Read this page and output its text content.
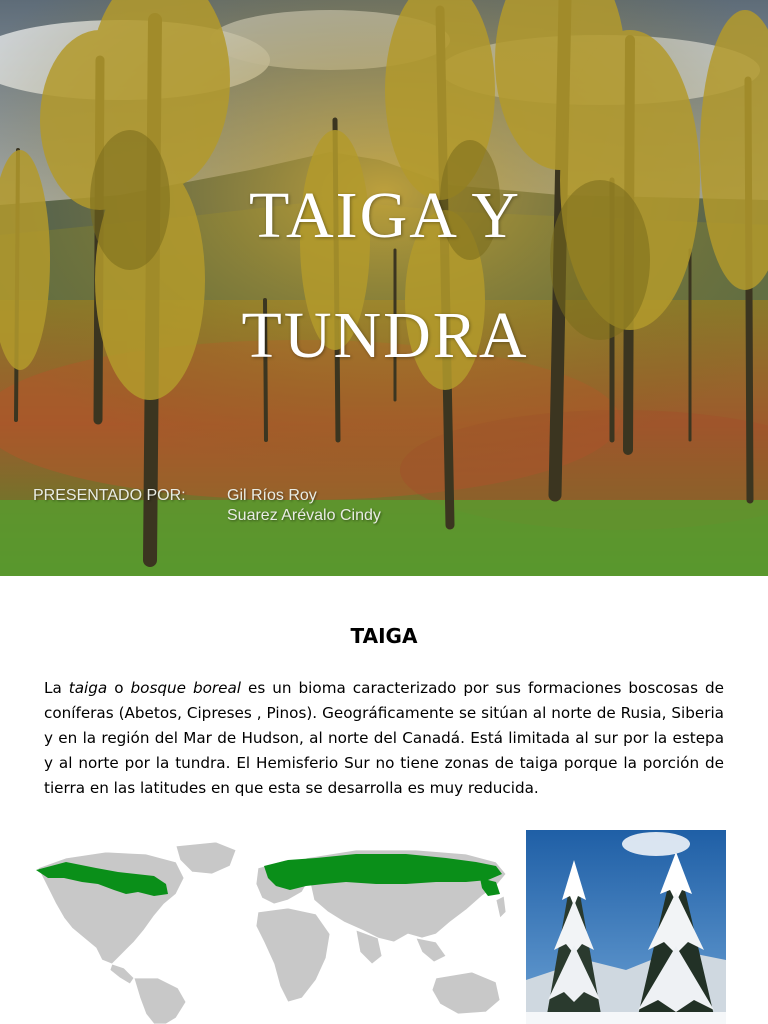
TAIGA Y
TUNDRA
PRESENTADO POR:	Gil Ríos Roy
Suarez Arévalo Cindy
TAIGA

La taiga o bosque boreal es un bioma caracterizado por sus formaciones boscosas de coníferas (Abetos, Cipreses , Pinos). Geográficamente se sitúan al norte de Rusia, Siberia y en la región del Mar de Hudson, al norte del Canadá. Está limitada al sur por la estepa y al norte por la tundra. El Hemisferio Sur no tiene zonas de taiga porque la porción de tierra en las latitudes en que esta se desarrolla es muy reducida.
